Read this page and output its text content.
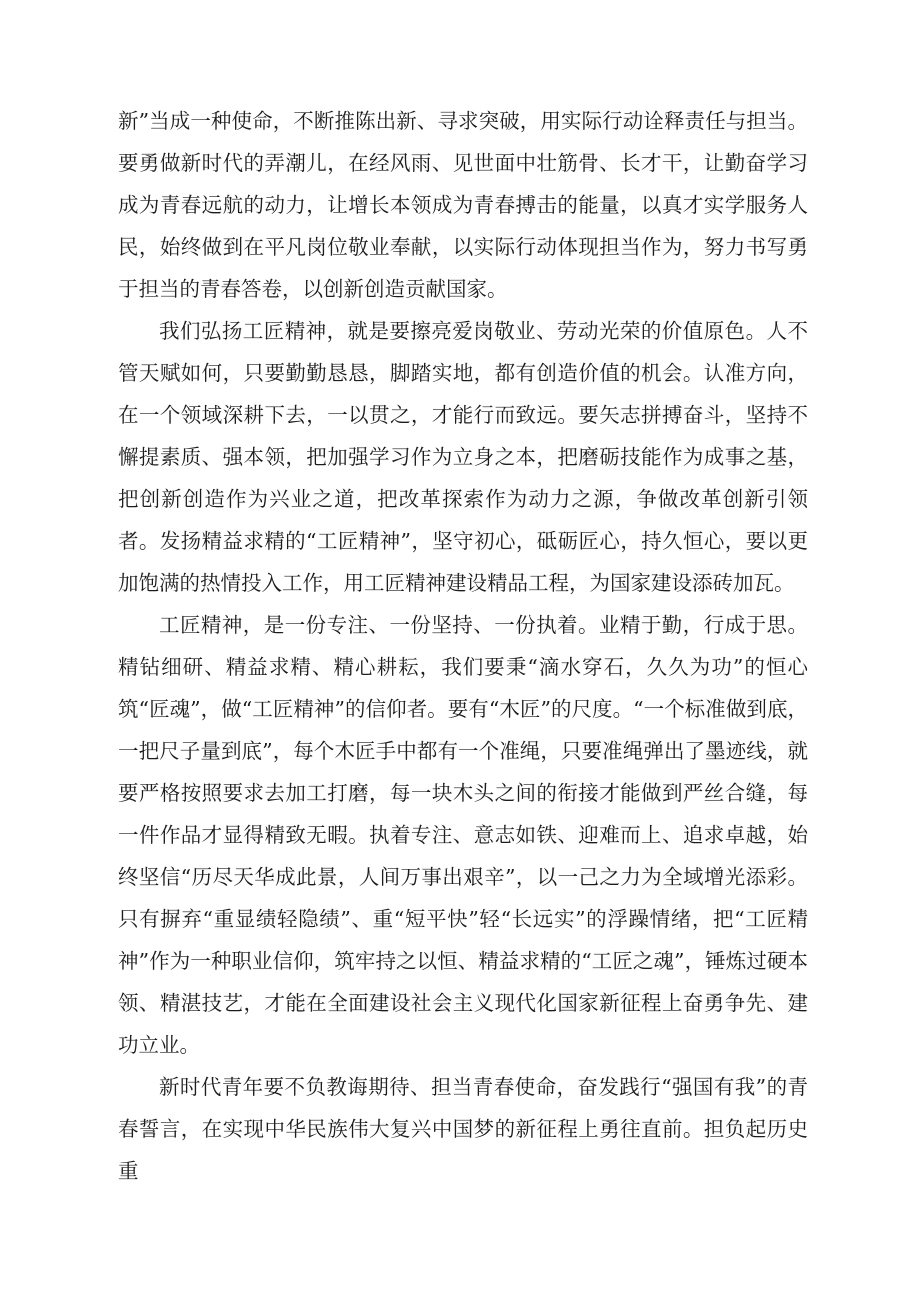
新”当成一种使命，不断推陈出新、寻求突破，用实际行动诠释责任与担当。要勇做新时代的弄潮儿，在经风雨、见世面中壮筋骨、长才干，让勤奋学习成为青春远航的动力，让增长本领成为青春搏击的能量，以真才实学服务人民，始终做到在平凡岗位敬业奉献，以实际行动体现担当作为，努力书写勇于担当的青春答卷，以创新创造贡献国家。

我们弘扬工匠精神，就是要擦亮爱岗敬业、劳动光荣的价值原色。人不管天赋如何，只要勤勤恳恳，脚踏实地，都有创造价值的机会。认准方向，在一个领域深耕下去，一以贯之，才能行而致远。要矢志拼搏奋斗，坚持不懈提素质、强本领，把加强学习作为立身之本，把磨砺技能作为成事之基，把创新创造作为兴业之道，把改革探索作为动力之源，争做改革创新引领者。发扬精益求精的“工匠精神”，坚守初心，砥砺匠心，持久恒心，要以更加饱满的热情投入工作，用工匠精神建设精品工程，为国家建设添砖加瓦。

工匠精神，是一份专注、一份坚持、一份执着。业精于勤，行成于思。精钻细研、精益求精、精心耕耘，我们要秉“滴水穿石，久久为功”的恒心筑“匠魂”，做“工匠精神”的信仰者。要有“木匠”的尺度。“一个标准做到底，一把尺子量到底”，每个木匠手中都有一个准绳，只要准绳弹出了墨迹线，就要严格按照要求去加工打磨，每一块木头之间的衔接才能做到严丝合缝，每一件作品才显得精致无暇。执着专注、意志如铁、迎难而上、追求卓越，始终坚信“历尽天华成此景，人间万事出艰辛”，以一己之力为全域增光添彩。只有摒弃“重显绩轻隐绩”、重“短平快”轻“长远实”的浮躁情绪，把“工匠精神”作为一种职业信仰，筑牢持之以恒、精益求精的“工匠之魂”，锤炼过硬本领、精湛技艺，才能在全面建设社会主义现代化国家新征程上奋勇争先、建功立业。

新时代青年要不负教诲期待、担当青春使命，奋发践行“强国有我”的青春誓言，在实现中华民族伟大复兴中国梦的新征程上勇往直前。担负起历史重
